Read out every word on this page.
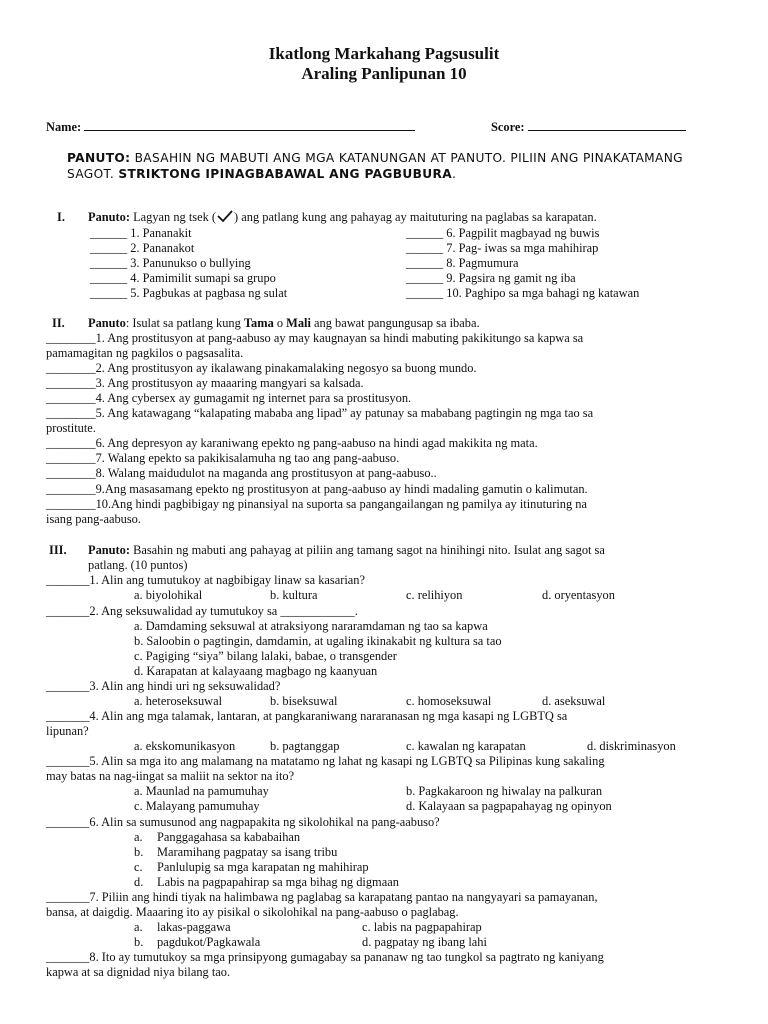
Ikatlong Markahang Pagsusulit
Araling Panlipunan 10
Name:	Score:
PANUTO: BASAHIN NG MABUTI ANG MGA KATANUNGAN AT PANUTO. PILIIN ANG PINAKATAMANG SAGOT. STRIKTONG IPINAGBABAWAL ANG PAGBUBURA.
I. Panuto: Lagyan ng tsek ( ) ang patlang kung ang pahayag ay maituturing na paglabas sa karapatan.
______ 1. Pananakit
______ 2. Pananakot
______ 3. Panunukso o bullying
______ 4. Pamimilit sumapi sa grupo
______ 5. Pagbukas at pagbasa ng sulat
______ 6. Pagpilit magbayad ng buwis
______ 7. Pag- iwas sa mga mahihirap
______ 8. Pagmumura
______ 9. Pagsira ng gamit ng iba
______ 10. Paghipo sa mga bahagi ng katawan
II. Panuto: Isulat sa patlang kung Tama o Mali ang bawat pangungusap sa ibaba.
________1. Ang prostitusyon at pang-aabuso ay may kaugnayan sa hindi mabuting pakikitungo sa kapwa sa
pamamagitan ng pagkilos o pagsasalita.
________2. Ang prostitusyon ay ikalawang pinakamalaking negosyo sa buong mundo.
________3. Ang prostitusyon ay maaaring mangyari sa kalsada.
________4. Ang cybersex ay gumagamit ng internet para sa prostitusyon.
________5. Ang katawagang “kalapating mababa ang lipad” ay patunay sa mababang pagtingin ng mga tao sa
prostitute.
________6. Ang depresyon ay karaniwang epekto ng pang-aabuso na hindi agad makikita ng mata.
________7. Walang epekto sa pakikisalamuha ng tao ang pang-aabuso.
________8. Walang maidudulot na maganda ang prostitusyon at pang-aabuso..
________9.Ang masasamang epekto ng prostitusyon at pang-aabuso ay hindi madaling gamutin o kalimutan.
________10.Ang hindi pagbibigay ng pinansiyal na suporta sa pangangailangan ng pamilya ay itinuturing na
isang pang-aabuso.
III. Panuto: Basahin ng mabuti ang pahayag at piliin ang tamang sagot na hinihingi nito. Isulat ang sagot sa
patlang. (10 puntos)
_______1. Alin ang tumutukoy at nagbibigay linaw sa kasarian?
a. biyolohikal	b. kultura	c. relihiyon	d. oryentasyon
_______2. Ang seksuwalidad ay tumutukoy sa ____________.
a. Damdaming seksuwal at atraksiyong nararamdaman ng tao sa kapwa
b. Saloobin o pagtingin, damdamin, at ugaling ikinakabit ng kultura sa tao
c. Pagiging “siya” bilang lalaki, babae, o transgender
d. Karapatan at kalayaang magbago ng kaanyuan
_______3. Alin ang hindi uri ng seksuwalidad?
a. heteroseksuwal	b. biseksuwal	c. homoseksuwal	d. aseksuwal
_______4. Alin ang mga talamak, lantaran, at pangkaraniwang nararanasan ng mga kasapi ng LGBTQ sa
lipunan?
a. ekskomunikasyon	b. pagtanggap	c. kawalan ng karapatan	d. diskriminasyon
_______5. Alin sa mga ito ang malamang na matatamo ng lahat ng kasapi ng LGBTQ sa Pilipinas kung sakaling
may batas na nag-iingat sa maliit na sektor na ito?
a. Maunlad na pamumuhay	b. Pagkakaroon ng hiwalay na palkuran
c. Malayang pamumuhay	d. Kalayaan sa pagpapahayag ng opinyon
_______6. Alin sa sumusunod ang nagpapakita ng sikolohikal na pang-aabuso?
a. Panggagahasa sa kababaihan
b. Maramihang pagpatay sa isang tribu
c. Panlulupig sa mga karapatan ng mahihirap
d. Labis na pagpapahirap sa mga bihag ng digmaan
_______7. Piliin ang hindi tiyak na halimbawa ng paglabag sa karapatang pantao na nangyayari sa pamayanan,
bansa, at daigdig. Maaaring ito ay pisikal o sikolohikal na pang-aabuso o paglabag.
a. lakas-paggawa	c. labis na pagpapahirap
b. pagdukot/Pagkawala	d. pagpatay ng ibang lahi
_______8. Ito ay tumutukoy sa mga prinsipyong gumagabay sa pananaw ng tao tungkol sa pagtrato ng kaniyang
kapwa at sa dignidad niya bilang tao.
